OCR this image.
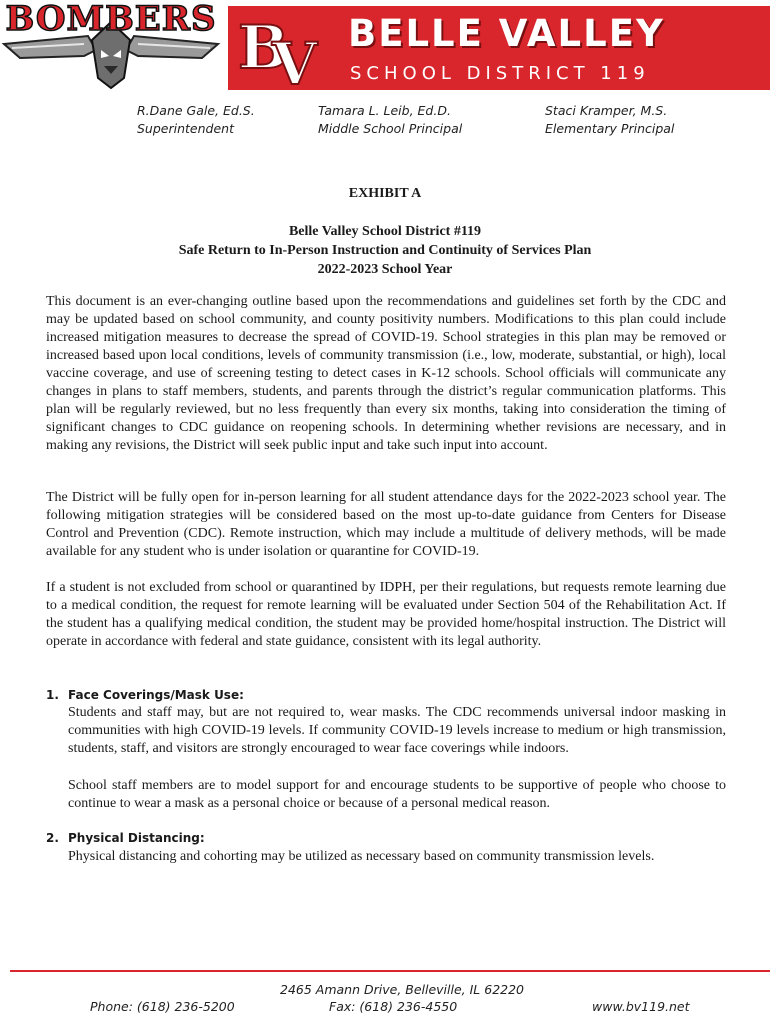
BOMBERS B
V BELLE VALLEY
SCHOOL DISTRICT 119
R.Dane Gale, Ed.S.
Superintendent
Tamara L. Leib, Ed.D.
Middle School Principal
Staci Kramper, M.S.
Elementary Principal
EXHIBIT A
Belle Valley School District #119
Safe Return to In-Person Instruction and Continuity of Services Plan
2022-2023 School Year

This document is an ever-changing outline based upon the recommendations and guidelines set forth by the CDC and may be updated based on school community, and county positivity numbers. Modifications to this plan could include increased mitigation measures to decrease the spread of COVID-19. School strategies in this plan may be removed or increased based upon local conditions, levels of community transmission (i.e., low, moderate, substantial, or high), local vaccine coverage, and use of screening testing to detect cases in K-12 schools. School officials will communicate any changes in plans to staff members, students, and parents through the district’s regular communication platforms. This plan will be regularly reviewed, but no less frequently than every six months, taking into consideration the timing of significant changes to CDC guidance on reopening schools. In determining whether revisions are necessary, and in making any revisions, the District will seek public input and take such input into account.

The District will be fully open for in-person learning for all student attendance days for the 2022-2023 school year. The following mitigation strategies will be considered based on the most up-to-date guidance from Centers for Disease Control and Prevention (CDC). Remote instruction, which may include a multitude of delivery methods, will be made available for any student who is under isolation or quarantine for COVID-19.

If a student is not excluded from school or quarantined by IDPH, per their regulations, but requests remote learning due to a medical condition, the request for remote learning will be evaluated under Section 504 of the Rehabilitation Act. If the student has a qualifying medical condition, the student may be provided home/hospital instruction. The District will operate in accordance with federal and state guidance, consistent with its legal authority.

1. Face Coverings/Mask Use:

Students and staff may, but are not required to, wear masks. The CDC recommends universal indoor masking in communities with high COVID-19 levels. If community COVID-19 levels increase to medium or high transmission, students, staff, and visitors are strongly encouraged to wear face coverings while indoors.

School staff members are to model support for and encourage students to be supportive of people who choose to continue to wear a mask as a personal choice or because of a personal medical reason.

2. Physical Distancing:

Physical distancing and cohorting may be utilized as necessary based on community transmission levels.

2465 Amann Drive, Belleville, IL 62220
Phone: (618) 236-5200	Fax: (618) 236-4550	www.bv119.net
